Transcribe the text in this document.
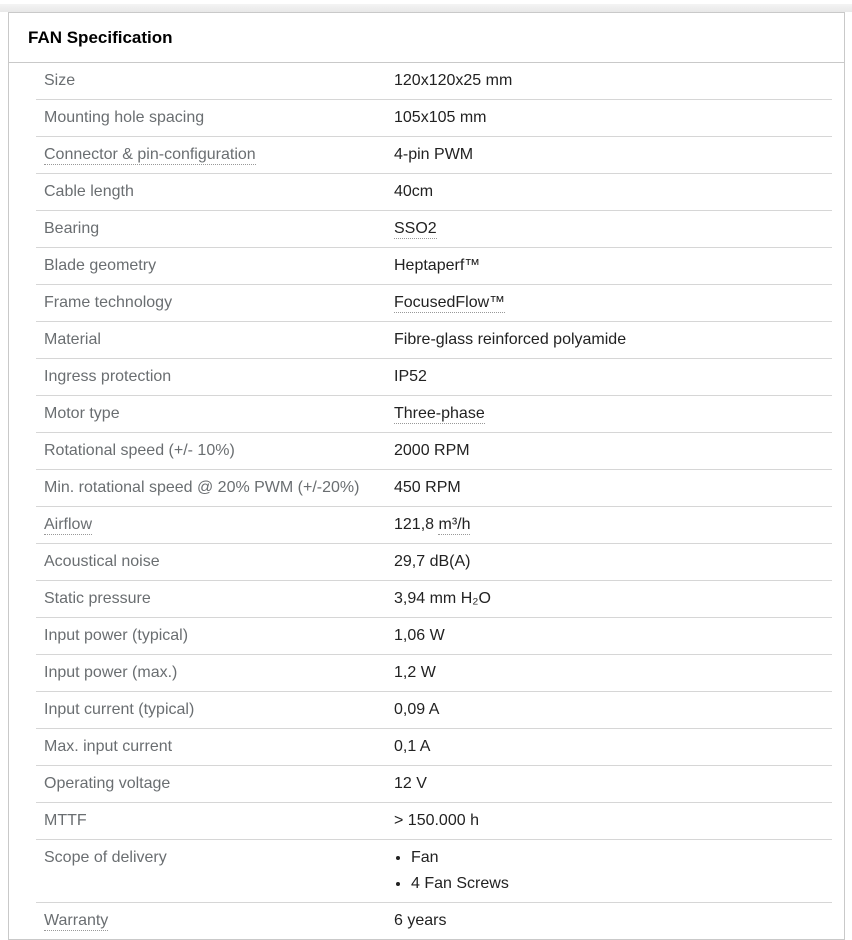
FAN Specification
Size	120x120x25 mm
Mounting hole spacing	105x105 mm
Connector & pin-configuration	4-pin PWM
Cable length	40cm
Bearing	SSO2
Blade geometry	Heptaperf™
Frame technology	FocusedFlow™
Material	Fibre-glass reinforced polyamide
Ingress protection	IP52
Motor type	Three-phase
Rotational speed (+/- 10%)	2000 RPM
Min. rotational speed @ 20% PWM (+/-20%)	450 RPM
Airflow	121,8 m³/h
Acoustical noise	29,7 dB(A)
Static pressure	3,94 mm H₂O
Input power (typical)	1,06 W
Input power (max.)	1,2 W
Input current (typical)	0,09 A
Max. input current	0,1 A
Operating voltage	12 V
MTTF	> 150.000 h
Scope of delivery	
•Fan
• 4 Fan Screws

Warranty	6 years
